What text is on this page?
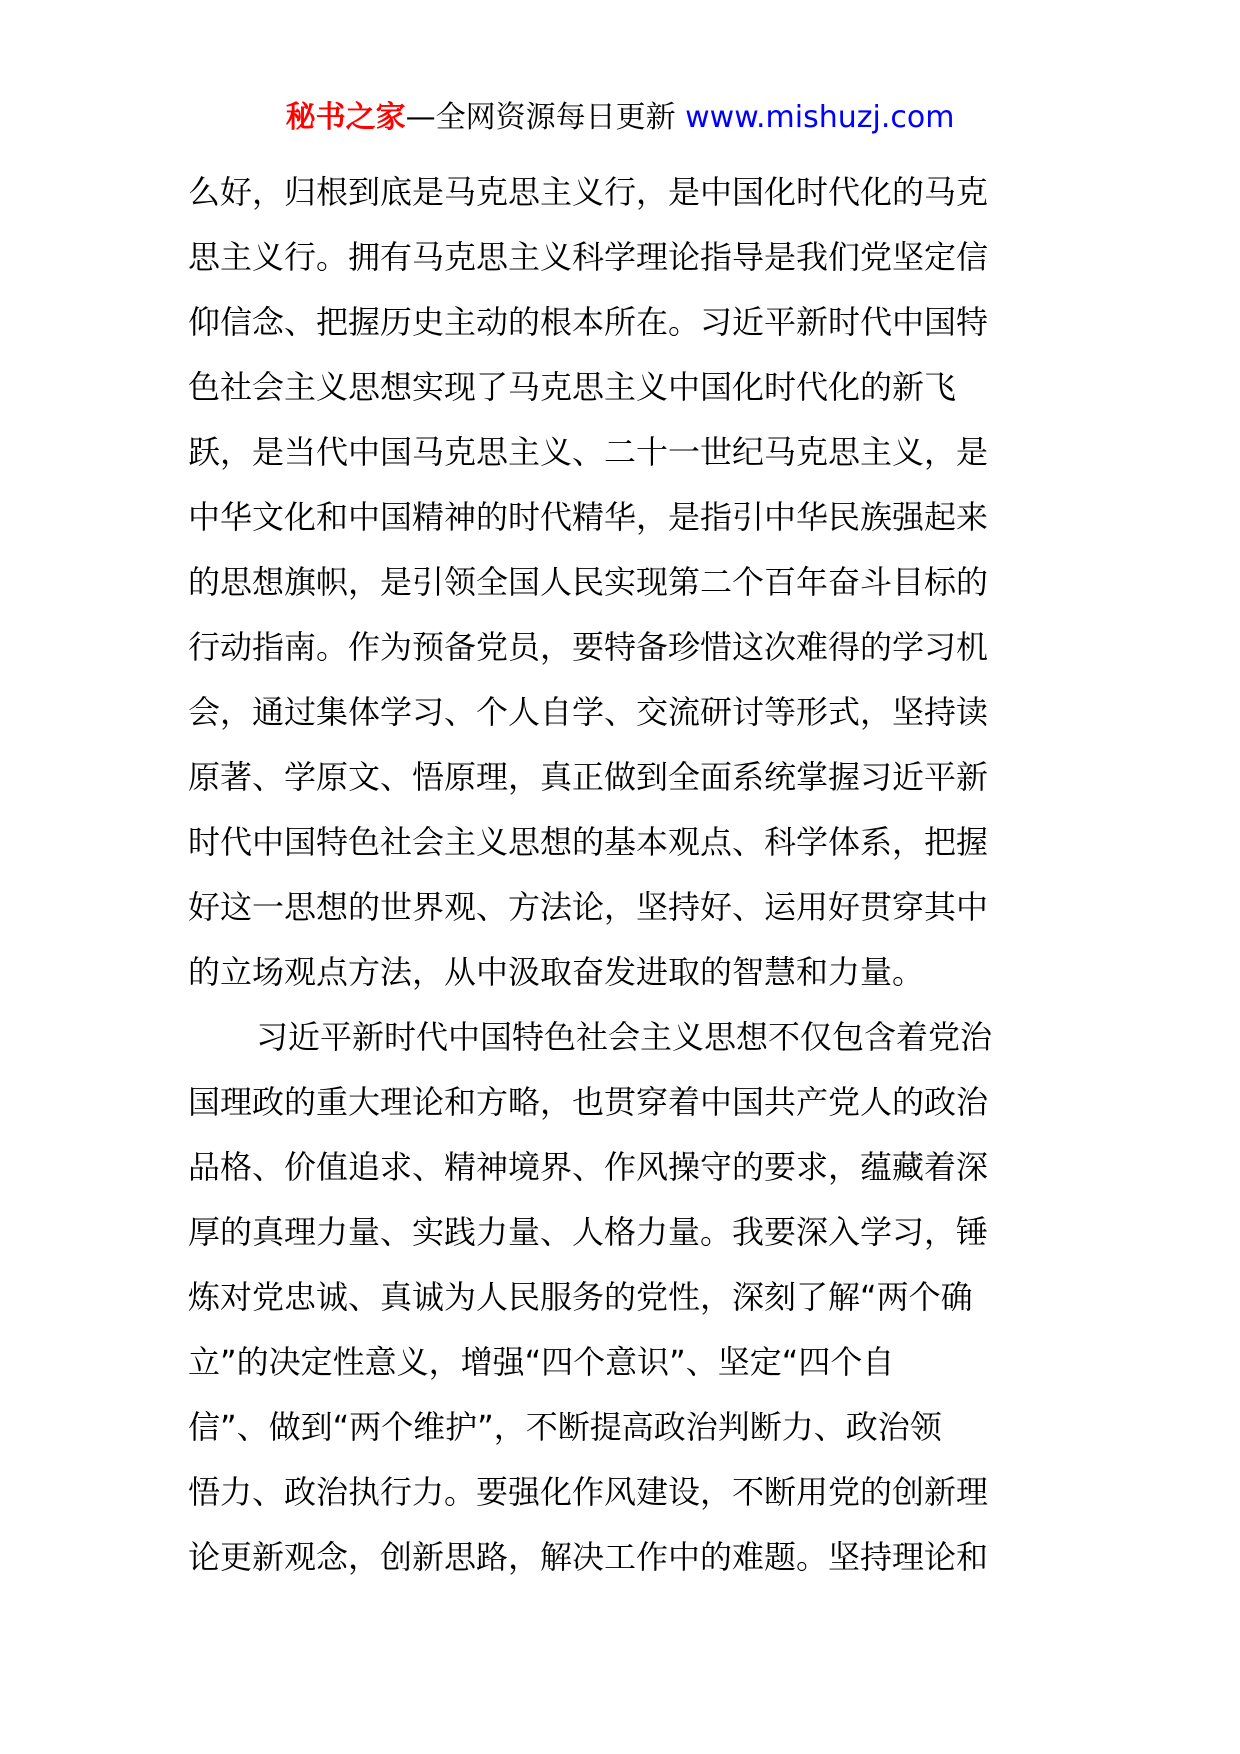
秘书之家—全网资源每日更新 www.mishuzj.com
么好，归根到底是马克思主义行，是中国化时代化的马克
思主义行。拥有马克思主义科学理论指导是我们党坚定信
仰信念、把握历史主动的根本所在。习近平新时代中国特
色社会主义思想实现了马克思主义中国化时代化的新飞
跃，是当代中国马克思主义、二十一世纪马克思主义，是
中华文化和中国精神的时代精华，是指引中华民族强起来
的思想旗帜，是引领全国人民实现第二个百年奋斗目标的
行动指南。作为预备党员，要特备珍惜这次难得的学习机
会，通过集体学习、个人自学、交流研讨等形式，坚持读
原著、学原文、悟原理，真正做到全面系统掌握习近平新
时代中国特色社会主义思想的基本观点、科学体系，把握
好这一思想的世界观、方法论，坚持好、运用好贯穿其中
的立场观点方法，从中汲取奋发进取的智慧和力量。
习近平新时代中国特色社会主义思想不仅包含着党治
国理政的重大理论和方略，也贯穿着中国共产党人的政治
品格、价值追求、精神境界、作风操守的要求，蕴藏着深
厚的真理力量、实践力量、人格力量。我要深入学习，锤
炼对党忠诚、真诚为人民服务的党性，深刻了解“两个确
立”的决定性意义，增强“四个意识”、坚定“四个自
信”、做到“两个维护”，不断提高政治判断力、政治领
悟力、政治执行力。要强化作风建设，不断用党的创新理
论更新观念，创新思路，解决工作中的难题。坚持理论和
